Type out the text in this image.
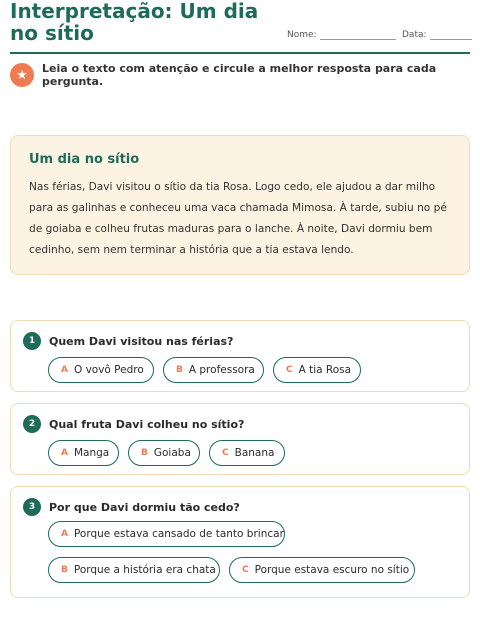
Interpretação: Um dia no sítio	Nome:	Data:
★	Leia o texto com atenção e circule a melhor resposta para cada pergunta.
Um dia no sítio
Nas férias, Davi visitou o sítio da tia Rosa. Logo cedo, ele ajudou a dar milho para as galinhas e conheceu uma vaca chamada Mimosa. À tarde, subiu no pé de goiaba e colheu frutas maduras para o lanche. À noite, Davi dormiu bem cedinho, sem nem terminar a história que a tia estava lendo.
1	Quem Davi visitou nas férias?
A O vovô Pedro	B A professora	C A tia Rosa
2	Qual fruta Davi colheu no sítio?
A Manga	B Goiaba	C Banana
3	Por que Davi dormiu tão cedo?
A Porque estava cansado de tanto brincar
B Porque a história era chata	C Porque estava escuro no sítio
